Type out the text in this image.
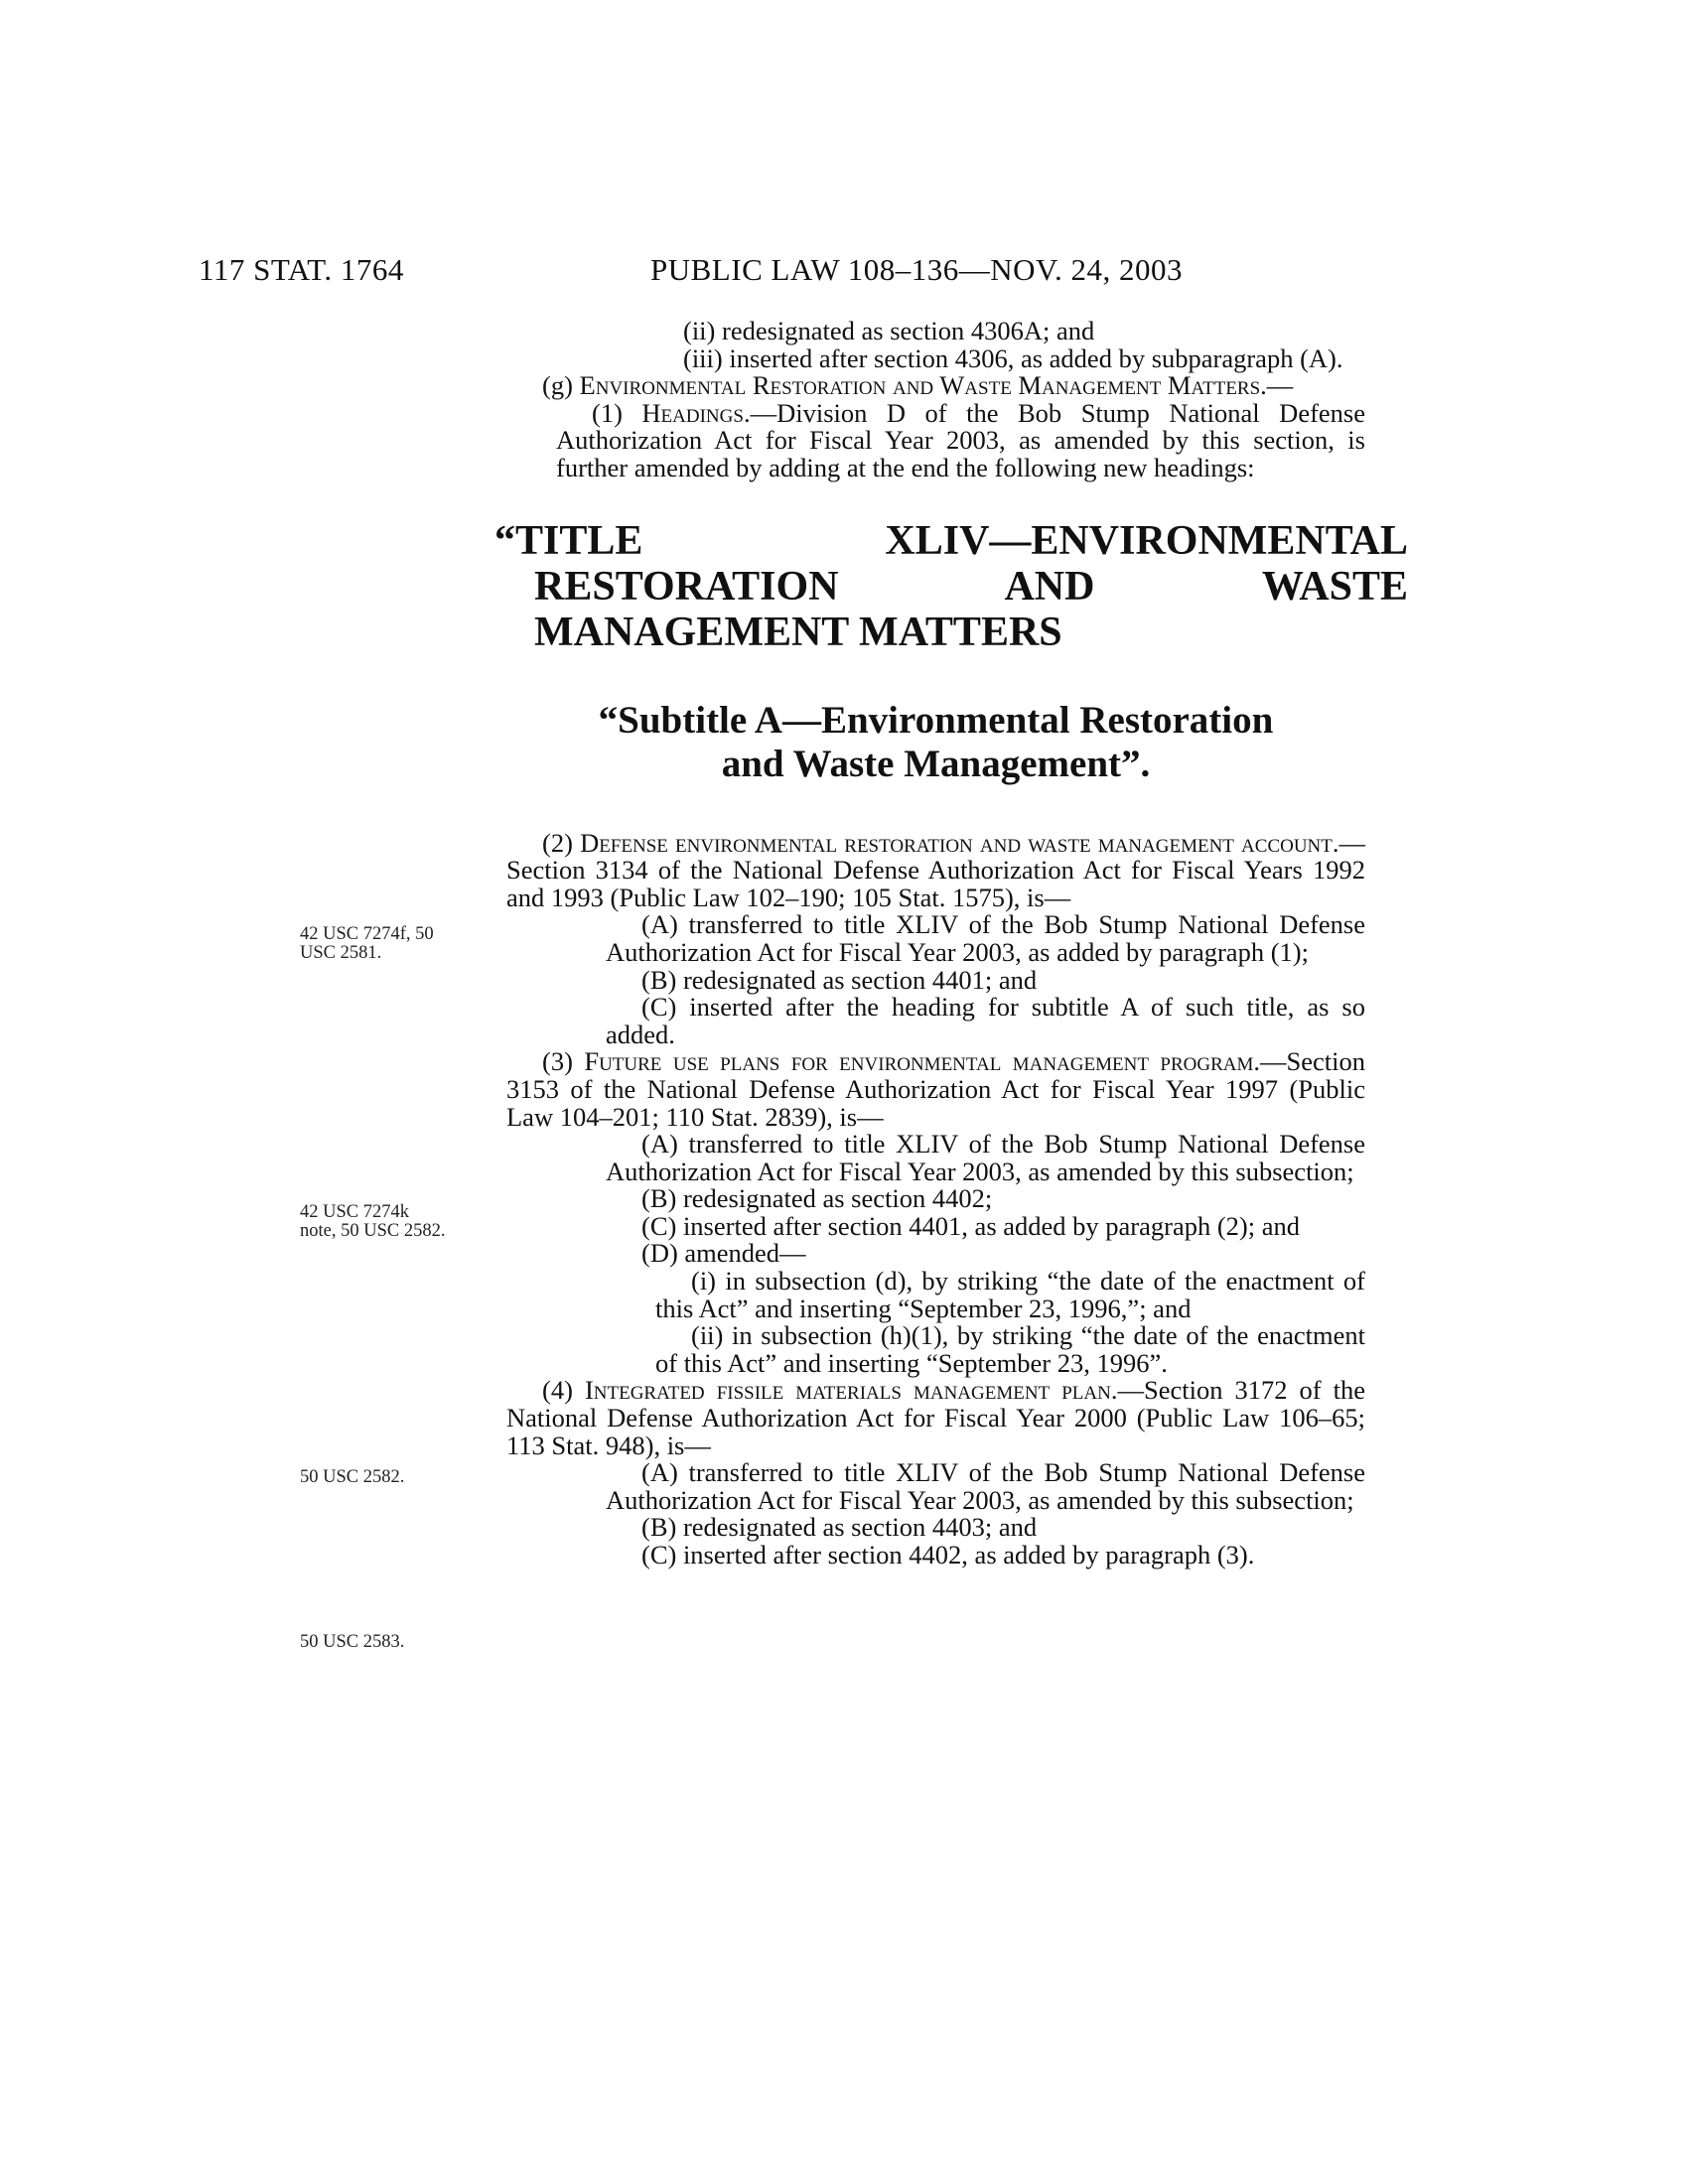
117 STAT. 1764	PUBLIC LAW 108–136—NOV. 24, 2003
42 USC 7274f, 50 USC 2581.
42 USC 7274k note, 50 USC 2582.
50 USC 2582.
50 USC 2583.

(ii) redesignated as section 4306A; and

(iii) inserted after section 4306, as added by subparagraph (A).

(g) Environmental Restoration and Waste Management Matters.—

(1) Headings.—Division D of the Bob Stump National Defense Authorization Act for Fiscal Year 2003, as amended by this section, is further amended by adding at the end the following new headings:

“TITLE XLIV—ENVIRONMENTAL RESTORATION AND WASTE MANAGEMENT MATTERS
“Subtitle A—Environmental Restoration
and Waste Management”.

(2) Defense environmental restoration and waste management account.—Section 3134 of the National Defense Authorization Act for Fiscal Years 1992 and 1993 (Public Law 102–190; 105 Stat. 1575), is—

(A) transferred to title XLIV of the Bob Stump National Defense Authorization Act for Fiscal Year 2003, as added by paragraph (1);

(B) redesignated as section 4401; and

(C) inserted after the heading for subtitle A of such title, as so added.

(3) Future use plans for environmental management program.—Section 3153 of the National Defense Authorization Act for Fiscal Year 1997 (Public Law 104–201; 110 Stat. 2839), is—

(A) transferred to title XLIV of the Bob Stump National Defense Authorization Act for Fiscal Year 2003, as amended by this subsection;

(B) redesignated as section 4402;

(C) inserted after section 4401, as added by paragraph (2); and

(D) amended—

(i) in subsection (d), by striking “the date of the enactment of this Act” and inserting “September 23, 1996,”; and

(ii) in subsection (h)(1), by striking “the date of the enactment of this Act” and inserting “September 23, 1996”.

(4) Integrated fissile materials management plan.—Section 3172 of the National Defense Authorization Act for Fiscal Year 2000 (Public Law 106–65; 113 Stat. 948), is—

(A) transferred to title XLIV of the Bob Stump National Defense Authorization Act for Fiscal Year 2003, as amended by this subsection;

(B) redesignated as section 4403; and

(C) inserted after section 4402, as added by paragraph (3).
